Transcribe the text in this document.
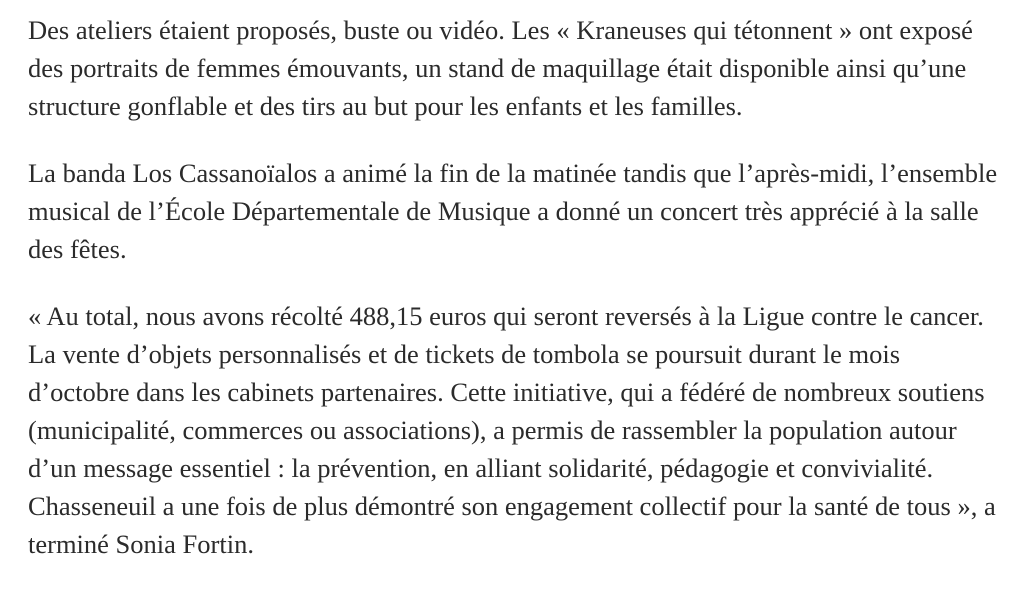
Des ateliers étaient proposés, buste ou vidéo. Les « Kraneuses qui tétonnent » ont exposé des portraits de femmes émouvants, un stand de maquillage était disponible ainsi qu’une structure gonflable et des tirs au but pour les enfants et les familles.

La banda Los Cassanoïalos a animé la fin de la matinée tandis que l’après-midi, l’ensemble musical de l’École Départementale de Musique a donné un concert très apprécié à la salle des fêtes.

« Au total, nous avons récolté 488,15 euros qui seront reversés à la Ligue contre le cancer. La vente d’objets personnalisés et de tickets de tombola se poursuit durant le mois d’octobre dans les cabinets partenaires. Cette initiative, qui a fédéré de nombreux soutiens (municipalité, commerces ou associations), a permis de rassembler la population autour d’un message essentiel : la prévention, en alliant solidarité, pédagogie et convivialité. Chasseneuil a une fois de plus démontré son engagement collectif pour la santé de tous », a terminé Sonia Fortin.
